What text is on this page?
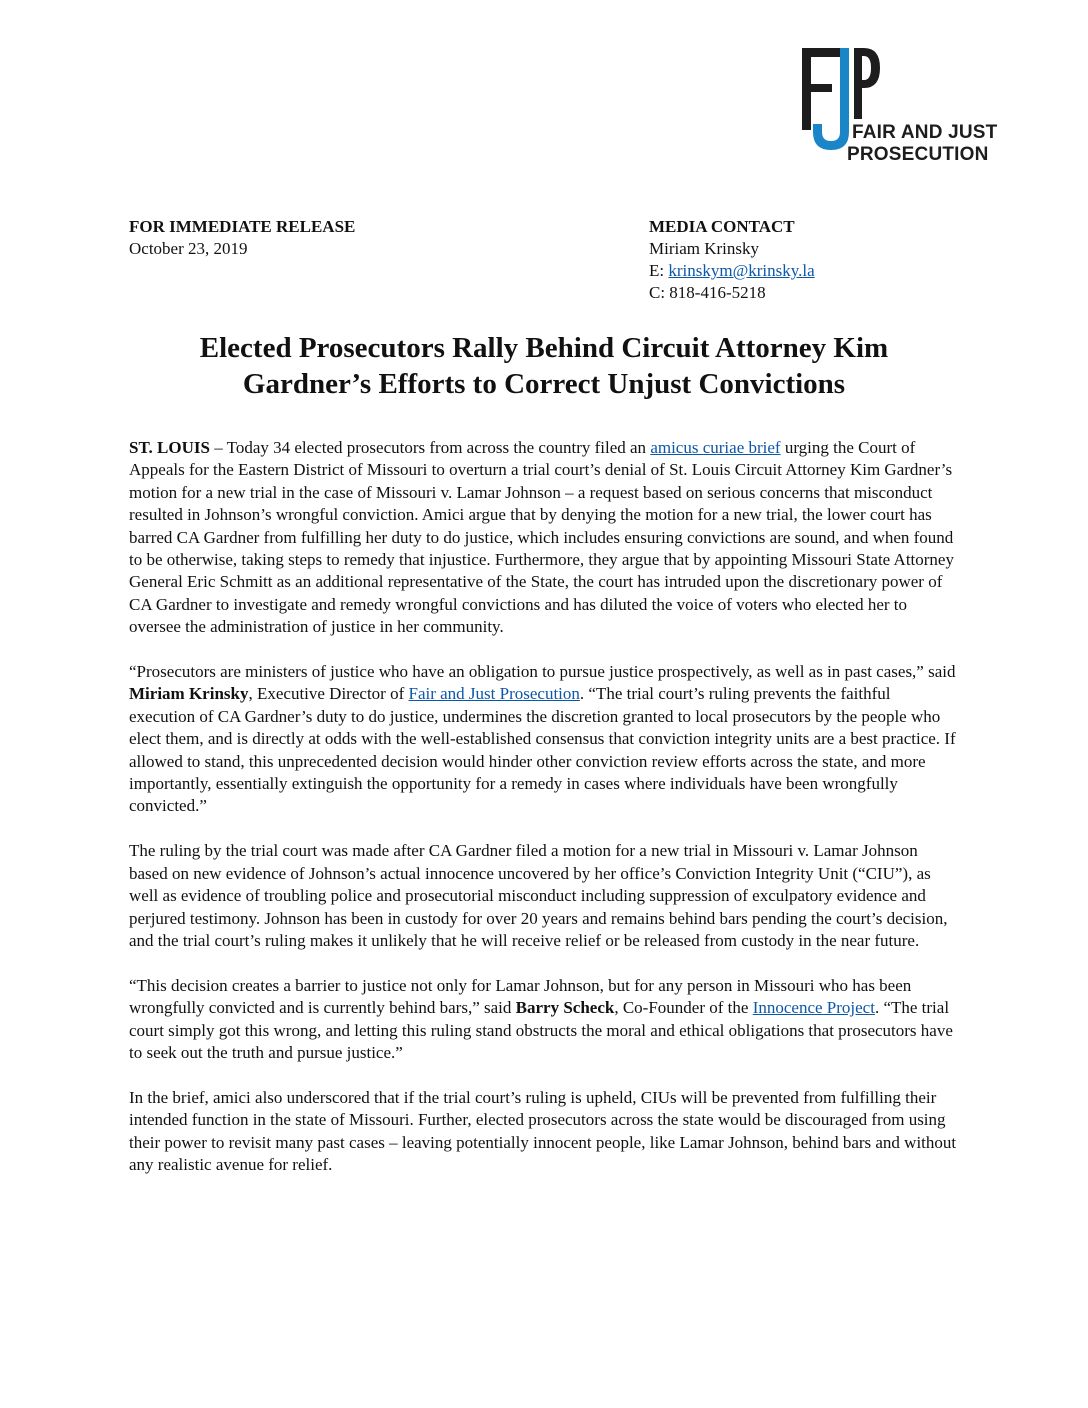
FAIR AND JUST
PROSECUTION
FOR IMMEDIATE RELEASE
October 23, 2019
MEDIA CONTACT
Miriam Krinsky
E: krinskym@krinsky.la
C: 818-416-5218
Elected Prosecutors Rally Behind Circuit Attorney Kim
Gardner’s Efforts to Correct Unjust Convictions

ST. LOUIS – Today 34 elected prosecutors from across the country filed an amicus curiae brief urging the Court of Appeals for the Eastern District of Missouri to overturn a trial court’s denial of St. Louis Circuit Attorney Kim Gardner’s motion for a new trial in the case of Missouri v. Lamar Johnson – a request based on serious concerns that misconduct resulted in Johnson’s wrongful conviction. Amici argue that by denying the motion for a new trial, the lower court has barred CA Gardner from fulfilling her duty to do justice, which includes ensuring convictions are sound, and when found to be otherwise, taking steps to remedy that injustice. Furthermore, they argue that by appointing Missouri State Attorney General Eric Schmitt as an additional representative of the State, the court has intruded upon the discretionary power of CA Gardner to investigate and remedy wrongful convictions and has diluted the voice of voters who elected her to oversee the administration of justice in her community.

“Prosecutors are ministers of justice who have an obligation to pursue justice prospectively, as well as in past cases,” said Miriam Krinsky, Executive Director of Fair and Just Prosecution. “The trial court’s ruling prevents the faithful execution of CA Gardner’s duty to do justice, undermines the discretion granted to local prosecutors by the people who elect them, and is directly at odds with the well-established consensus that conviction integrity units are a best practice. If allowed to stand, this unprecedented decision would hinder other conviction review efforts across the state, and more importantly, essentially extinguish the opportunity for a remedy in cases where individuals have been wrongfully convicted.”

The ruling by the trial court was made after CA Gardner filed a motion for a new trial in Missouri v. Lamar Johnson based on new evidence of Johnson’s actual innocence uncovered by her office’s Conviction Integrity Unit (“CIU”), as well as evidence of troubling police and prosecutorial misconduct including suppression of exculpatory evidence and perjured testimony. Johnson has been in custody for over 20 years and remains behind bars pending the court’s decision, and the trial court’s ruling makes it unlikely that he will receive relief or be released from custody in the near future.

“This decision creates a barrier to justice not only for Lamar Johnson, but for any person in Missouri who has been wrongfully convicted and is currently behind bars,” said Barry Scheck, Co-Founder of the Innocence Project. “The trial court simply got this wrong, and letting this ruling stand obstructs the moral and ethical obligations that prosecutors have to seek out the truth and pursue justice.”

In the brief, amici also underscored that if the trial court’s ruling is upheld, CIUs will be prevented from fulfilling their intended function in the state of Missouri. Further, elected prosecutors across the state would be discouraged from using their power to revisit many past cases – leaving potentially innocent people, like Lamar Johnson, behind bars and without any realistic avenue for relief.
